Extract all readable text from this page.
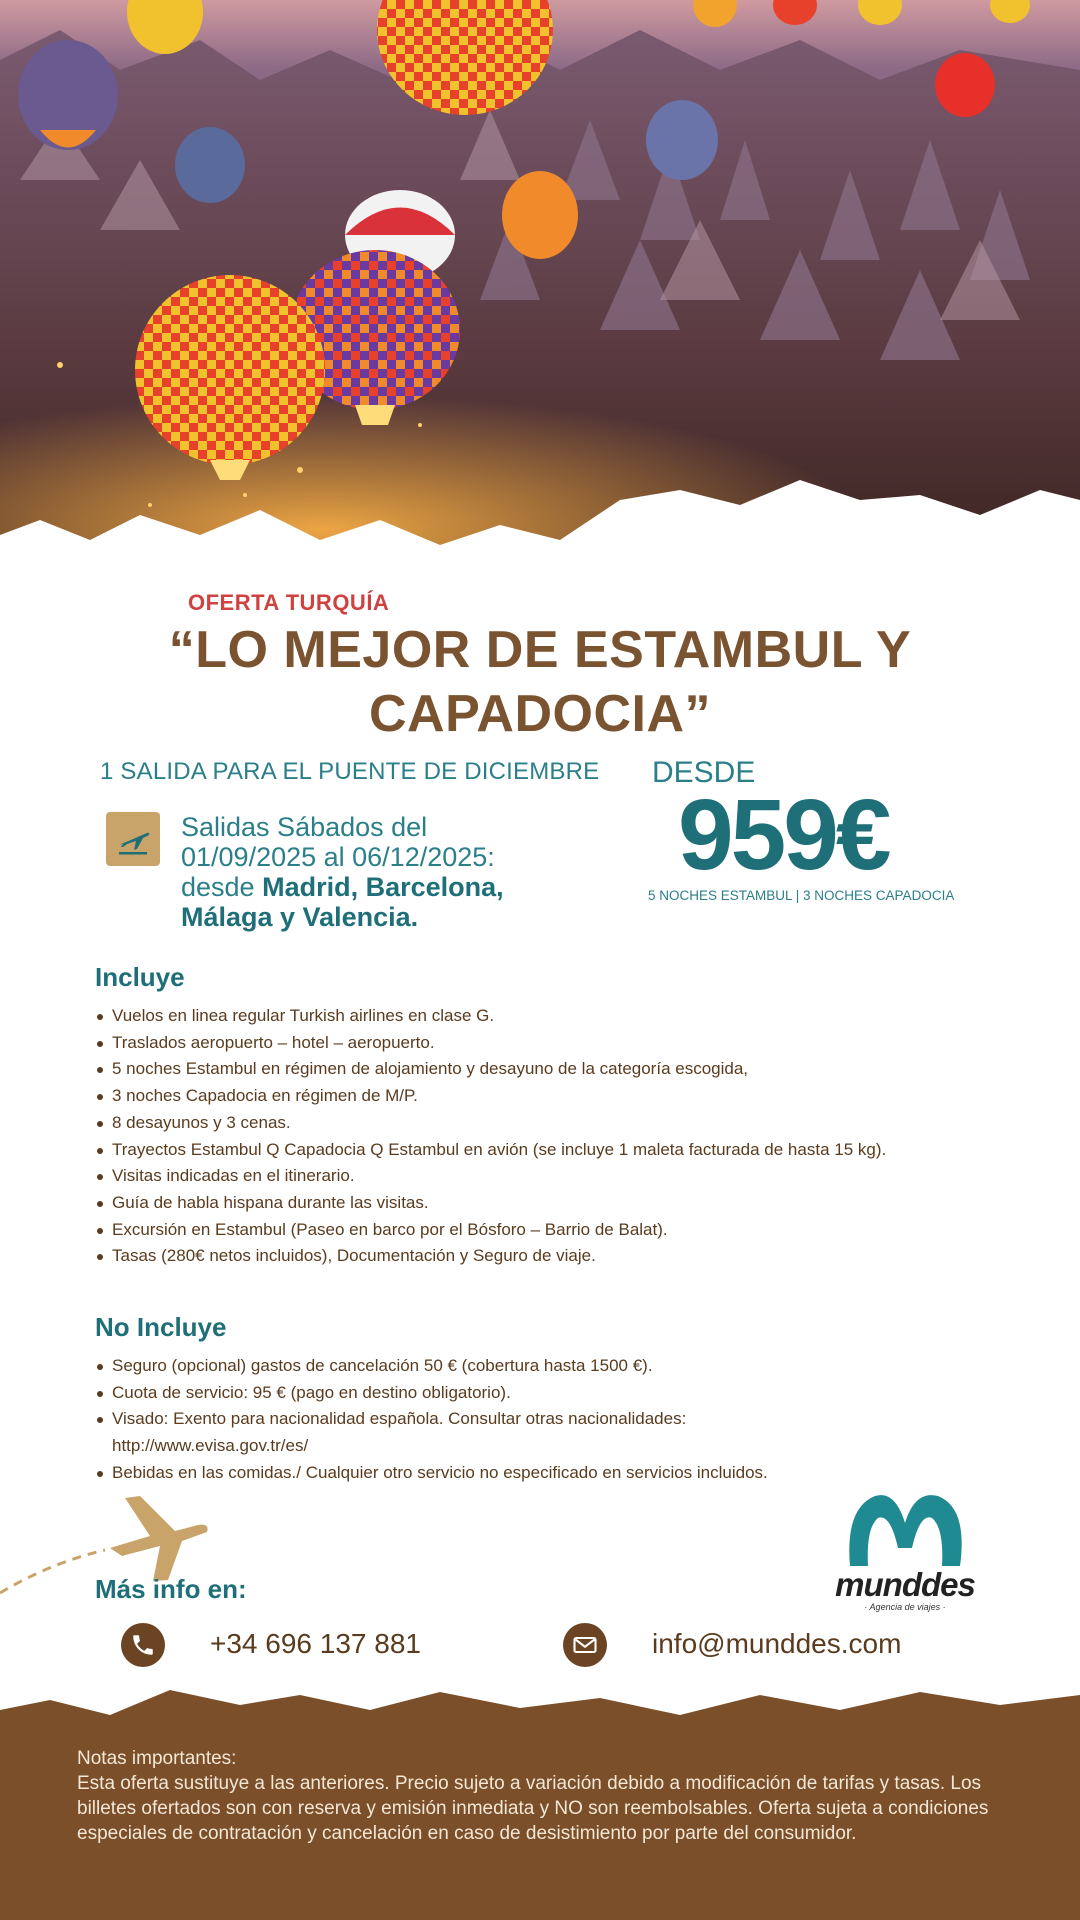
OFERTA TURQUÍA
“LO MEJOR DE ESTAMBUL Y CAPADOCIA”
1 SALIDA PARA EL PUENTE DE DICIEMBRE
Salidas Sábados del 01/09/2025 al 06/12/2025: desde Madrid, Barcelona, Málaga y Valencia.
DESDE
959€
5 NOCHES ESTAMBUL | 3 NOCHES CAPADOCIA
Incluye
Vuelos en linea regular Turkish airlines en clase G.
Traslados aeropuerto – hotel – aeropuerto.
5 noches Estambul en régimen de alojamiento y desayuno de la categoría escogida,
3 noches Capadocia en régimen de M/P.
8 desayunos y 3 cenas.
Trayectos Estambul Q Capadocia Q Estambul en avión (se incluye 1 maleta facturada de hasta 15 kg).
Visitas indicadas en el itinerario.
Guía de habla hispana durante las visitas.
Excursión en Estambul (Paseo en barco por el Bósforo – Barrio de Balat).
Tasas (280€ netos incluidos), Documentación y Seguro de viaje.
No Incluye
Seguro (opcional) gastos de cancelación 50 € (cobertura hasta 1500 €).
Cuota de servicio: 95 € (pago en destino obligatorio).
Visado: Exento para nacionalidad española. Consultar otras nacionalidades: http://www.evisa.gov.tr/es/
Bebidas en las comidas./ Cualquier otro servicio no especificado en servicios incluidos.
munddes
· Agencia de viajes ·
Más info en:
+34 696 137 881	info@munddes.com
Notas importantes:
Esta oferta sustituye a las anteriores. Precio sujeto a variación debido a modificación de tarifas y tasas. Los billetes ofertados son con reserva y emisión inmediata y NO son reembolsables. Oferta sujeta a condiciones especiales de contratación y cancelación en caso de desistimiento por parte del consumidor.
